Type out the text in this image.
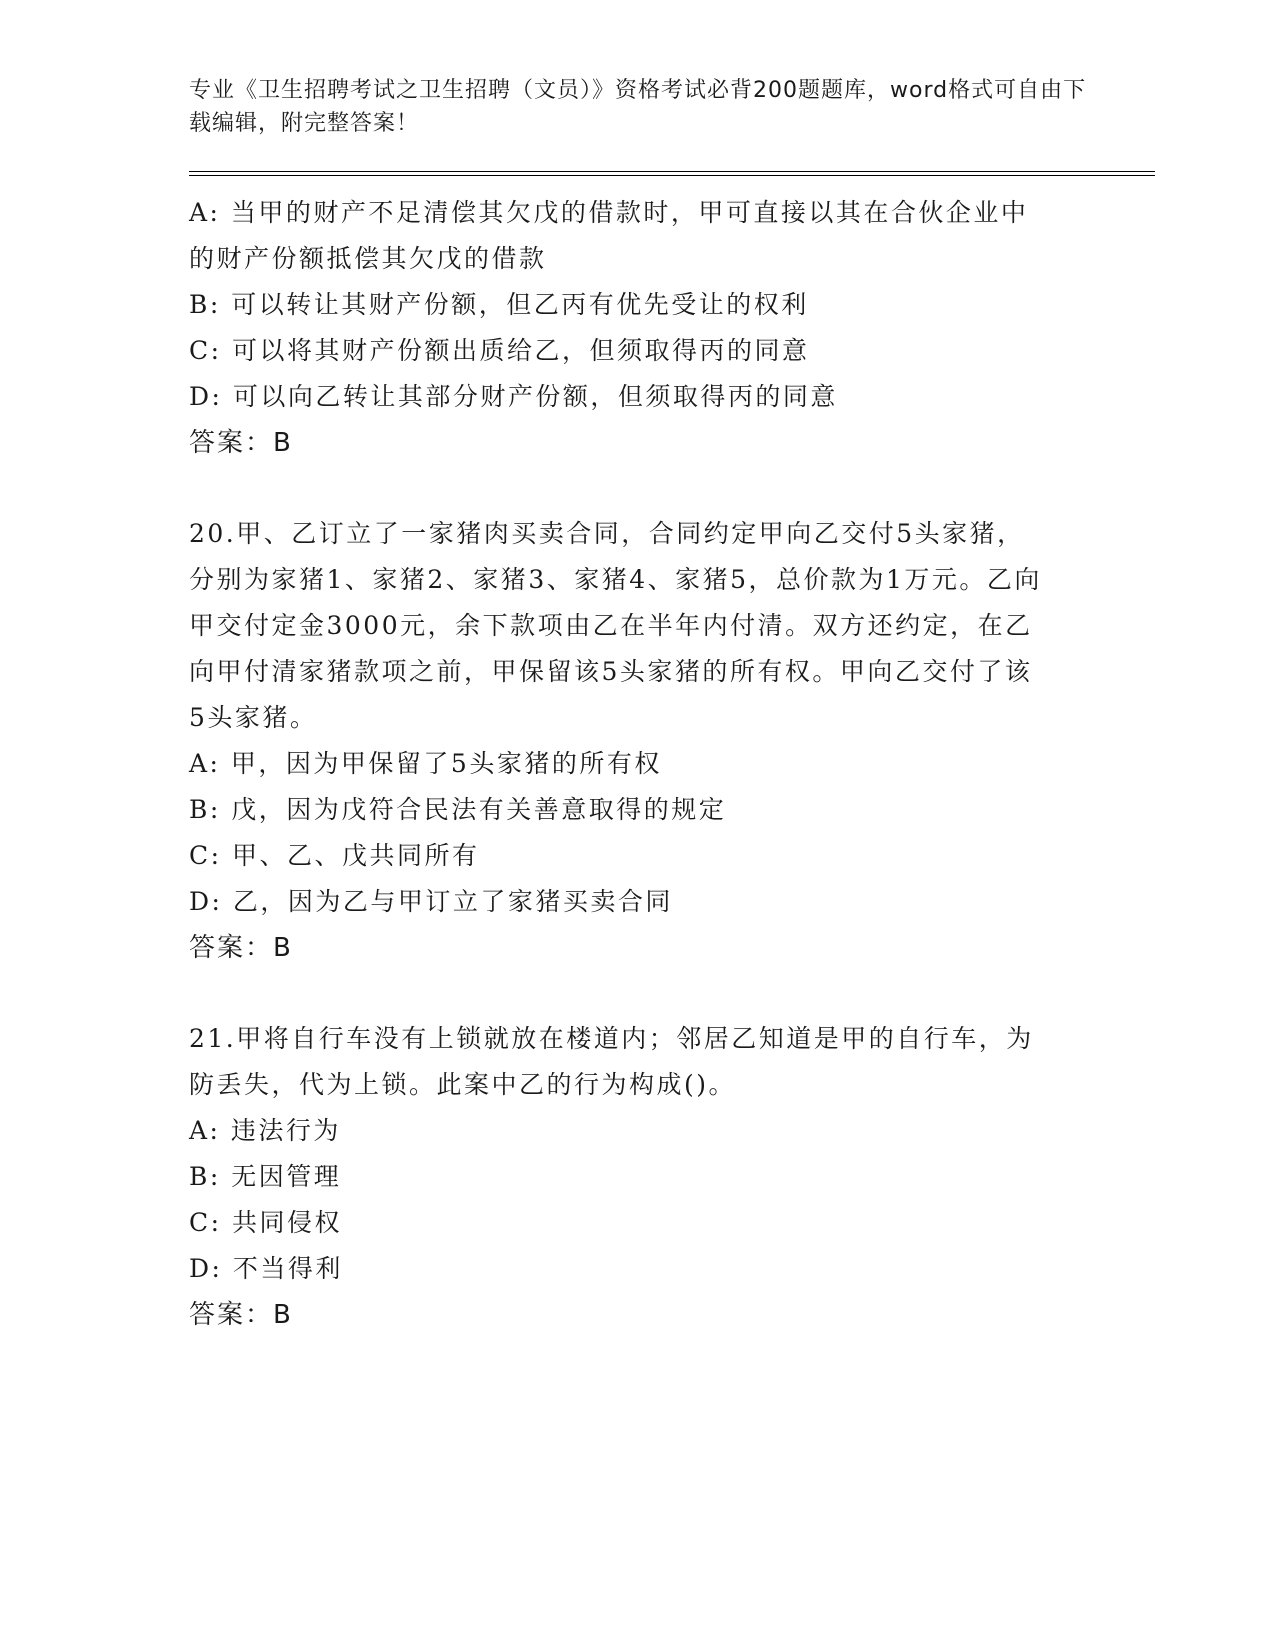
专业《卫生招聘考试之卫生招聘（文员）》资格考试必背200题题库，word格式可自由下载编辑，附完整答案！
A: 当甲的财产不足清偿其欠戊的借款时，甲可直接以其在合伙企业中的财产份额抵偿其欠戊的借款
B: 可以转让其财产份额，但乙丙有优先受让的权利
C: 可以将其财产份额出质给乙，但须取得丙的同意
D: 可以向乙转让其部分财产份额，但须取得丙的同意
答案：B
20.甲、乙订立了一家猪肉买卖合同，合同约定甲向乙交付5头家猪，分别为家猪1、家猪2、家猪3、家猪4、家猪5，总价款为1万元。乙向甲交付定金3000元，余下款项由乙在半年内付清。双方还约定，在乙向甲付清家猪款项之前，甲保留该5头家猪的所有权。甲向乙交付了该5头家猪。
A: 甲，因为甲保留了5头家猪的所有权
B: 戊，因为戊符合民法有关善意取得的规定
C: 甲、乙、戊共同所有
D: 乙，因为乙与甲订立了家猪买卖合同
答案：B
21.甲将自行车没有上锁就放在楼道内；邻居乙知道是甲的自行车，为防丢失，代为上锁。此案中乙的行为构成()。
A: 违法行为
B: 无因管理
C: 共同侵权
D: 不当得利
答案：B
